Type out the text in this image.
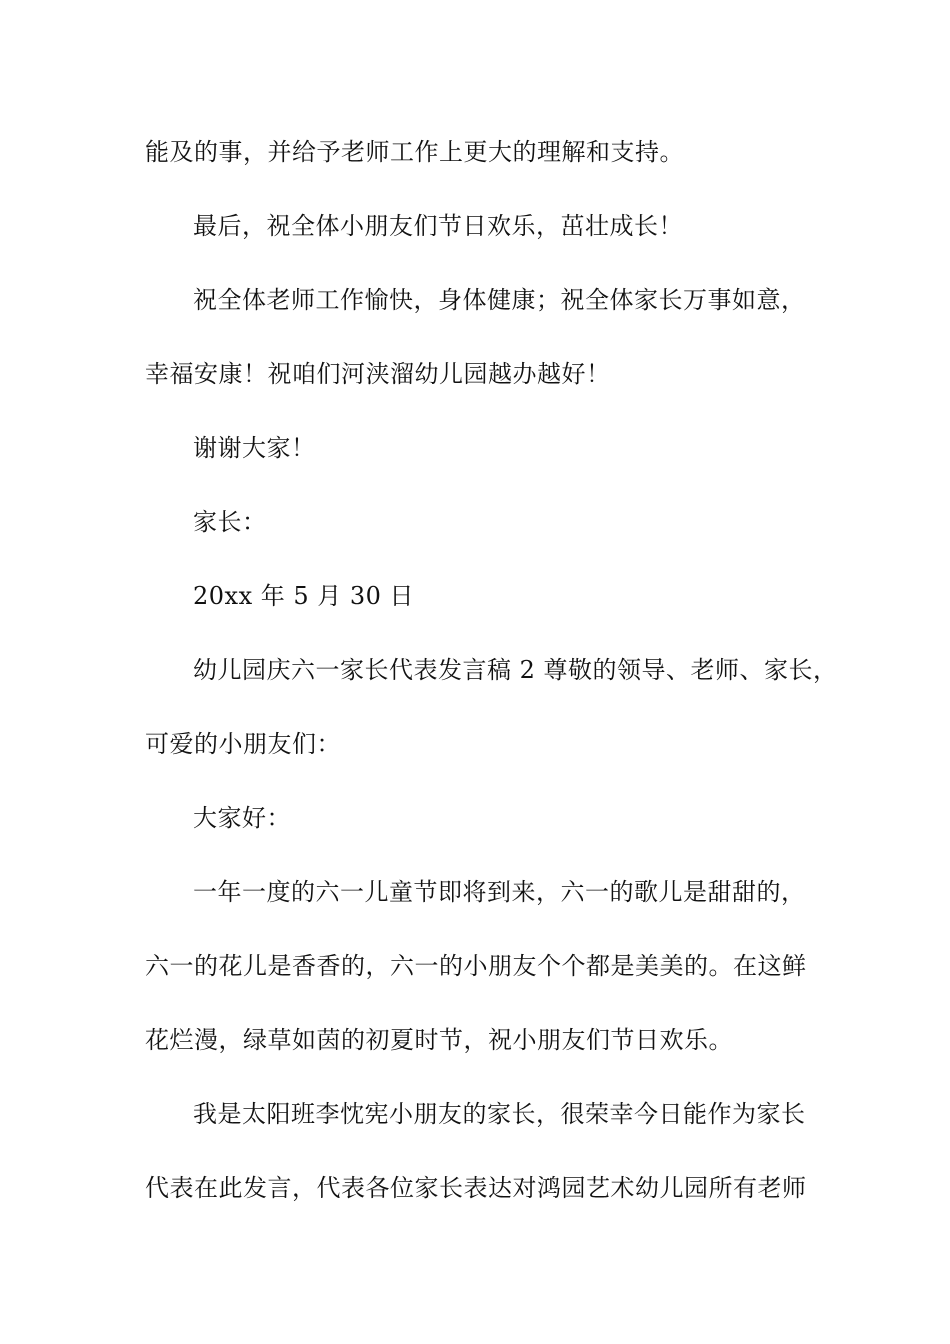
能及的事，并给予老师工作上更大的理解和支持。
最后，祝全体小朋友们节日欢乐，茁壮成长！
祝全体老师工作愉快，身体健康；祝全体家长万事如意，
幸福安康！祝咱们河浃溜幼儿园越办越好！
谢谢大家！
家长：
20xx 年 5 月 30 日
幼儿园庆六一家长代表发言稿 2 尊敬的领导、老师、家长，
可爱的小朋友们：
大家好：
一年一度的六一儿童节即将到来，六一的歌儿是甜甜的，
六一的花儿是香香的，六一的小朋友个个都是美美的。在这鲜
花烂漫，绿草如茵的初夏时节，祝小朋友们节日欢乐。
我是太阳班李忱宪小朋友的家长，很荣幸今日能作为家长
代表在此发言，代表各位家长表达对鸿园艺术幼儿园所有老师
